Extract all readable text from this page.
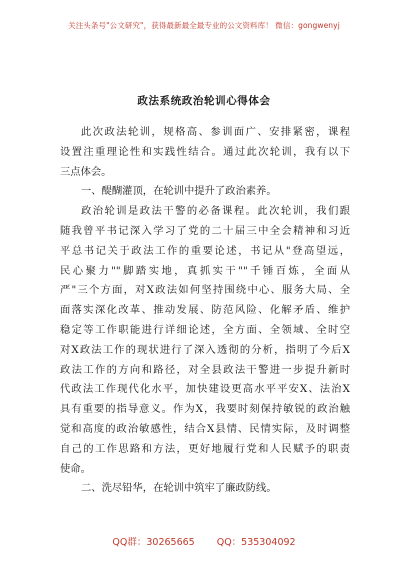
关注头条号"公文研究"，获得最新最全最专业的公文资料库！ 微信：gongwenyj
政法系统政治轮训心得体会
此次政法轮训，规格高、参训面广、安排紧密，课程
设置注重理论性和实践性结合。通过此次轮训，我有以下
三点体会。
一、醍醐灌顶，在轮训中提升了政治素养。
政治轮训是政法干警的必备课程。此次轮训，我们跟
随我曾平书记深入学习了党的二十届三中全会精神和习近
平总书记关于政法工作的重要论述，书记从"登高望远，
民心聚力""脚踏实地，真抓实干""千锤百炼，全面从
严"三个方面，对X政法如何坚持围绕中心、服务大局、全
面落实深化改革、推动发展、防范风险、化解矛盾、维护
稳定等工作职能进行详细论述，全方面、全领域、全时空
对X政法工作的现状进行了深入透彻的分析，指明了今后X
政法工作的方向和路径，对全县政法干警进一步提升新时
代政法工作现代化水平，加快建设更高水平平安X、法治X
具有重要的指导意义。作为X，我要时刻保持敏锐的政治触
觉和高度的政治敏感性，结合X县情、民情实际，及时调整
自己的工作思路和方法，更好地履行党和人民赋予的职责
使命。
二、洗尽铅华，在轮训中筑牢了廉政防线。
QQ群：30265665 QQ：535304092
